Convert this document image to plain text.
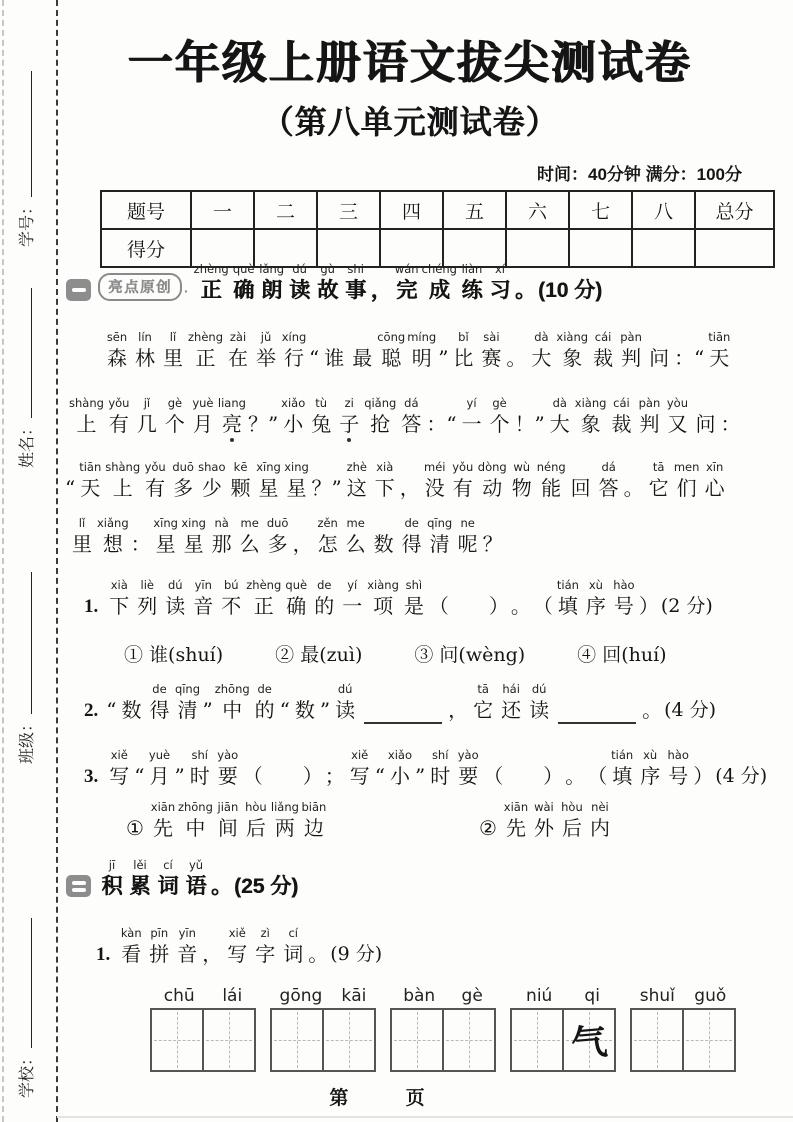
学号：
姓名：
班级：
学校：
一年级上册语文拔尖测试卷
（第八单元测试卷）
时间：40分钟 满分：100分
题号	一	二	三	四	五	六	七	八	总分
得分									
亮点原创 ·
zhèng
正
què
确
lǎng
朗
dú
读
gù
故
shi
事
，
wán
完
chéng
成
liàn
练
xí
习
。
(10 分)
sēn
森
lín
林
lǐ
里
zhèng
正
zài
在
jǔ
举
xíng
行
“
谁
最
cōng
聪
míng
明
”
bǐ
比
sài
赛
。
dà
大
xiàng
象
cái
裁
pàn
判
问
：“
tiān
天
shàng
上
yǒu
有
jǐ
几
gè
个
yuè
月
liang
亮
？”
xiǎo
小
tù
兔
zi
子
qiǎng
抢
dá
答
：“
yí
一
gè
个
！”
dà
大
xiàng
象
cái
裁
pàn
判
yòu
又
问
：

“
tiān
天
shàng
上
yǒu
有
duō
多
shao
少
kē
颗
xīng
星
xing
星
？”
zhè
这
xià
下
，
méi
没
yǒu
有
dòng
动
wù
物
néng
能
回
dá
答
。
tā
它
men
们
xīn
心
lǐ
里
xiǎng
想
：
xīng
星
xing
星
nà
那
me
么
duō
多
，
zěn
怎
me
么
数
de
得
qīng
清
ne
呢
？
1.
xià
下
liè
列
dú
读
yīn
音
bú
不
zhèng
正
què
确
de
的
yí
一
xiàng
项
shì
是
（　　）
。
（
tián
填
xù
序
hào
号
）
(2 分)
① 谁(shuí)	② 最(zuì)	③ 问(wèng)	④ 回(huí)
2.
“
数
de
得
qīng
清
”
zhōng
中
de
的
“
数
”
dú
读

	，
tā
它
hái
还
dú
读

	。
(4 分)
3.
xiě
写
“
yuè
月
”
shí
时
yào
要
（　　）
；
xiě
写
“
xiǎo
小
”
shí
时
yào
要
（　　）
。
（
tián
填
xù
序
hào
号
）
(4 分)

①
xiān
先
zhōng
中
jiān
间
hòu
后
liǎng
两
biān
边
	②
xiān
先
wài
外
hòu
后
nèi
内
jī
积
lěi
累
cí
词
yǔ
语
。
(25 分)
1.
kàn
看
pīn
拼
yīn
音
，
xiě
写
zì
字
cí
词
。
(9 分)
chū lái gōng kāi bàn gè	niú qi
气
shuǐ guǒ
第 页
